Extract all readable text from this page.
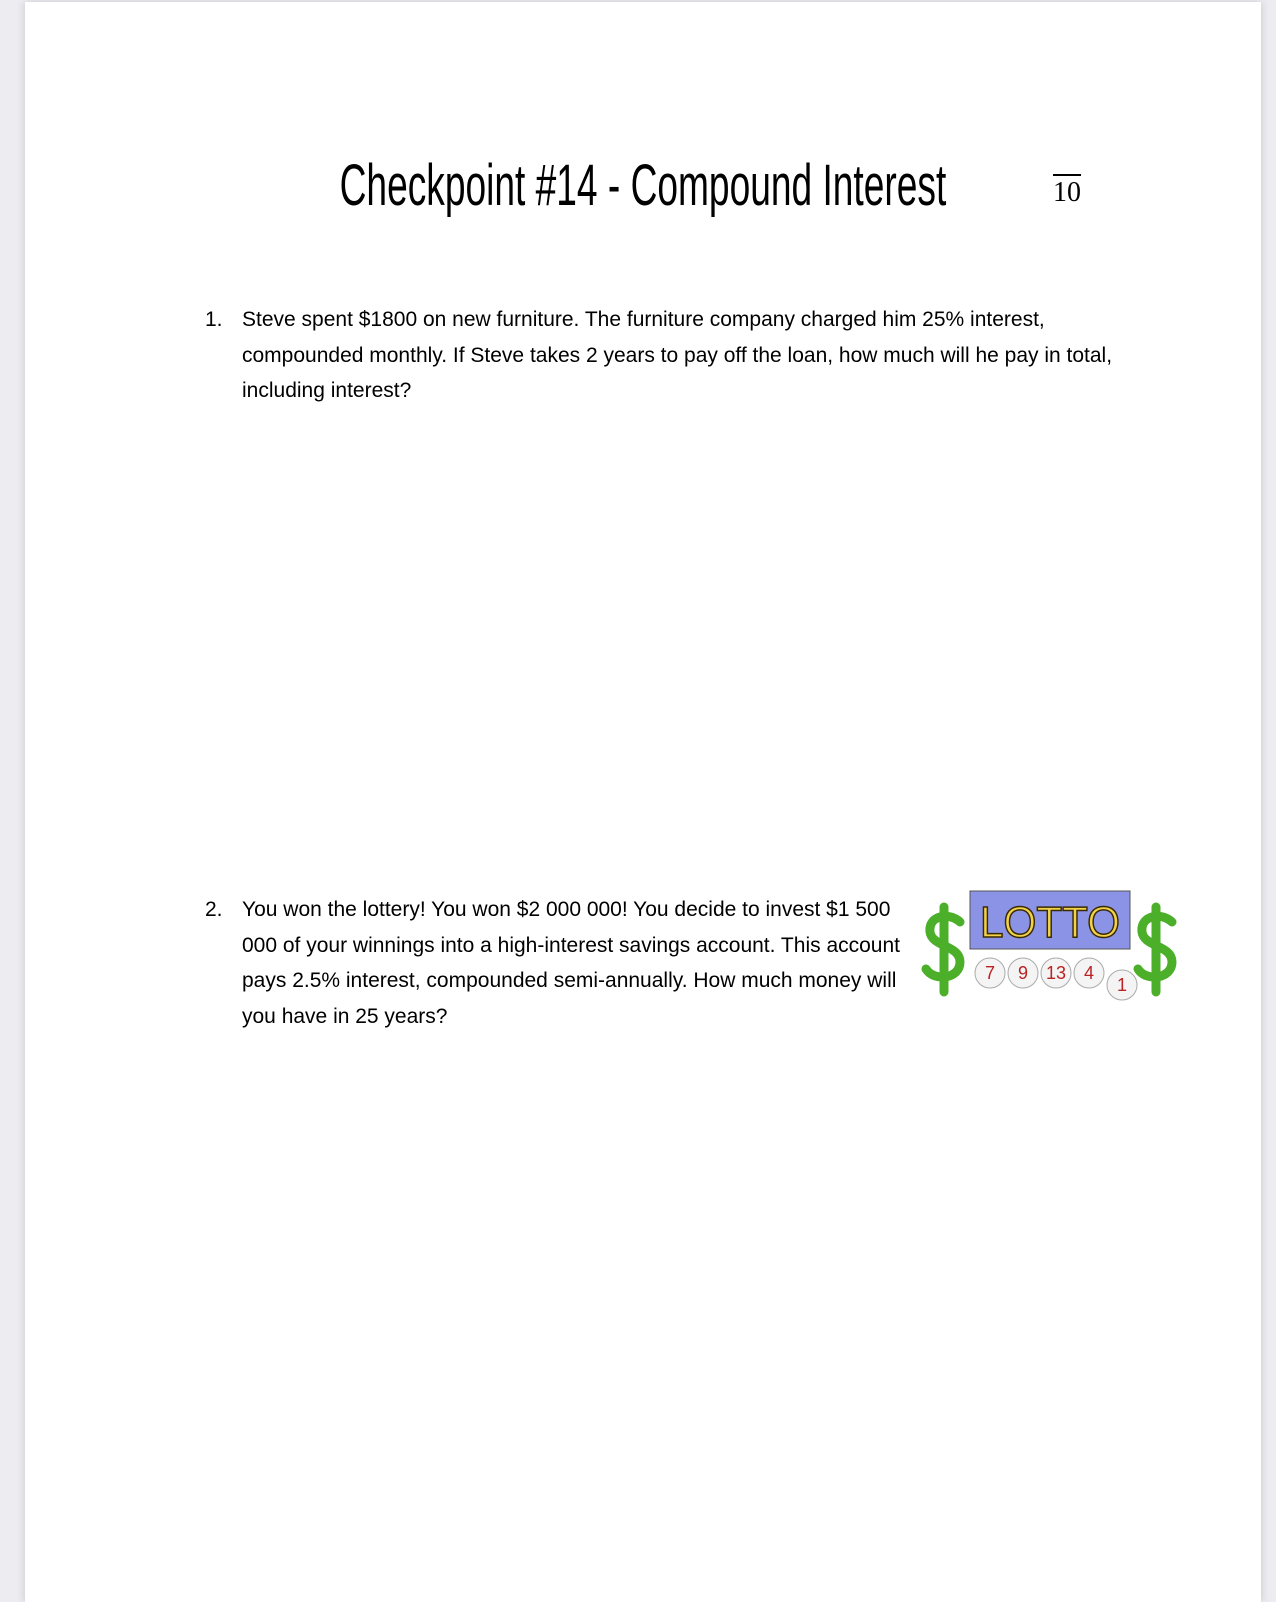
Checkpoint #14 - Compound Interest	10
1. Steve spent $1800 on new furniture. The furniture company charged him 25% interest, compounded monthly. If Steve takes 2 years to pay off the loan, how much will he pay in total, including interest?
2. You won the lottery! You won $2 000 000! You decide to invest $1 500 000 of your winnings into a high-interest savings account. This account pays 2.5% interest, compounded semi-annually. How much money will you have in 25 years?
LOTTO
7 9 13 4
1
